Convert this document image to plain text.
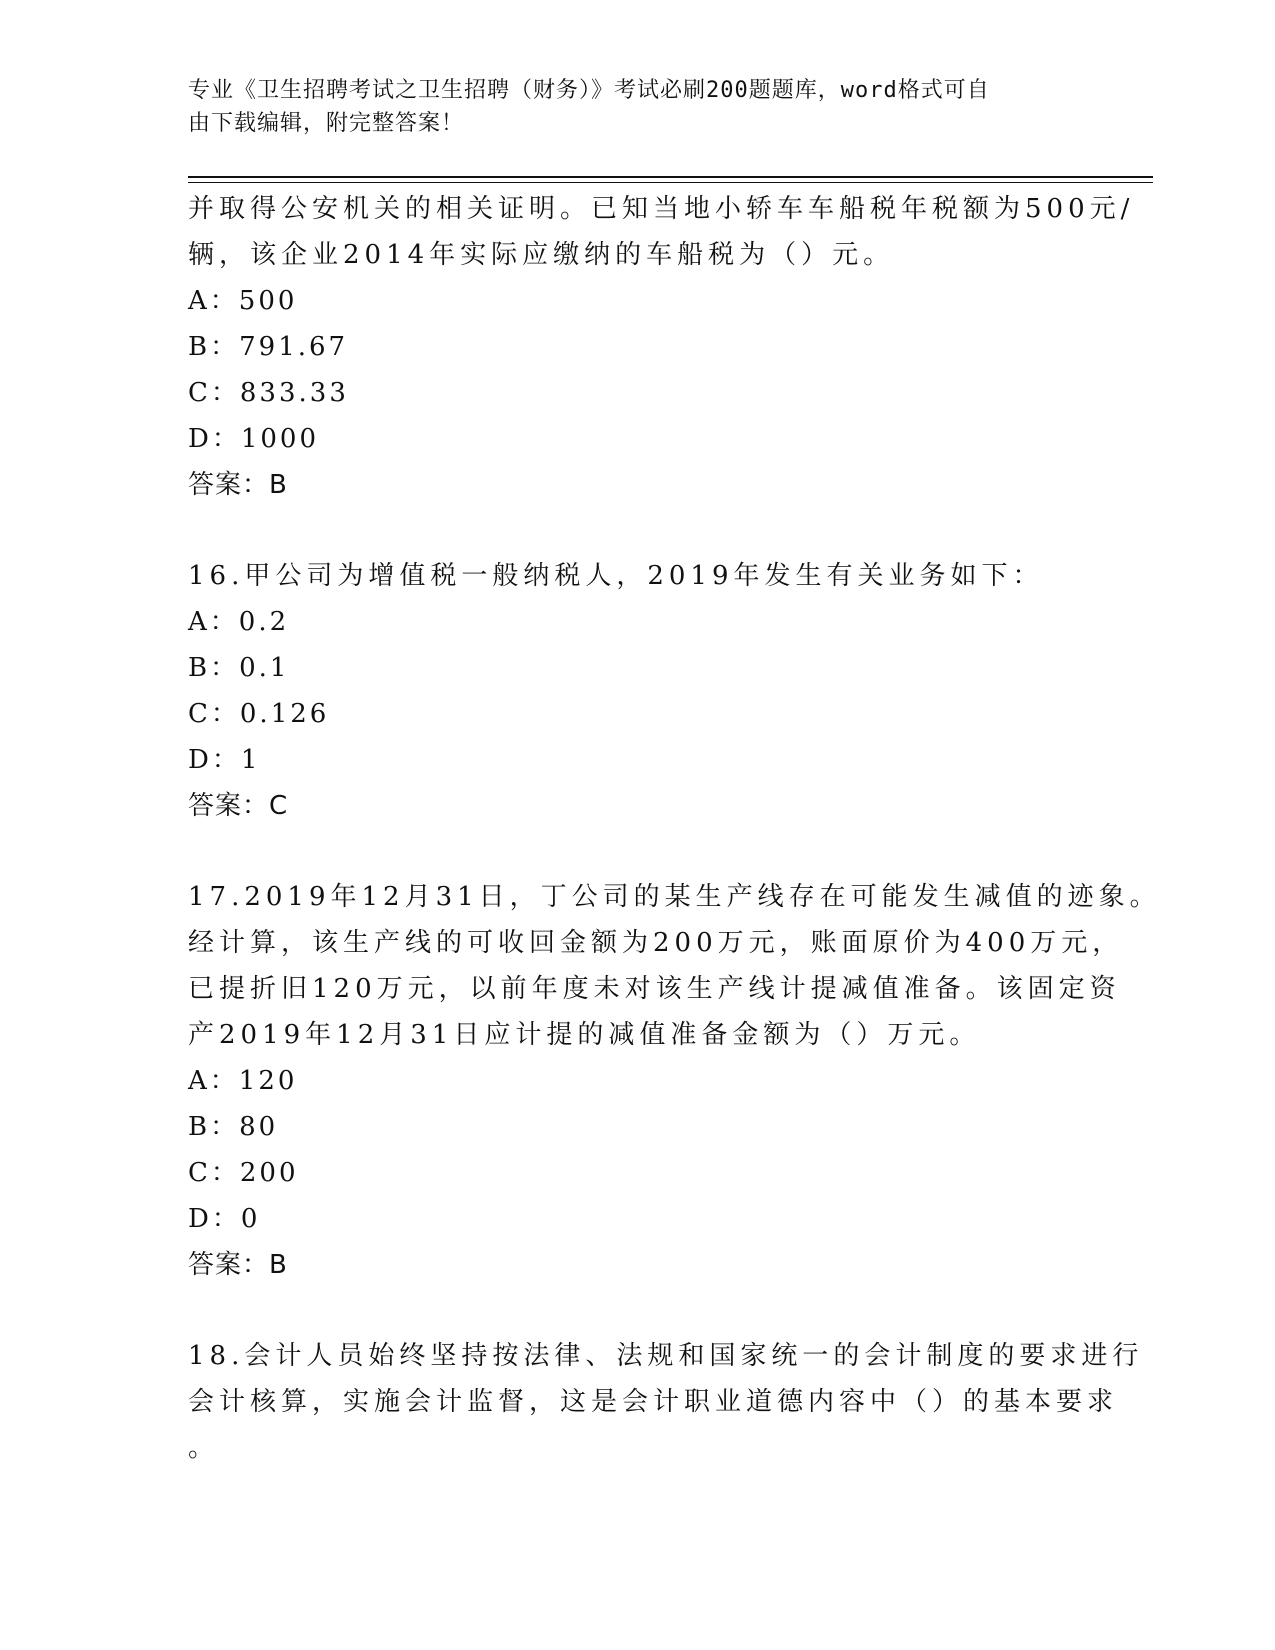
专业《卫生招聘考试之卫生招聘（财务）》考试必刷200题题库，word格式可自
由下载编辑，附完整答案！
并取得公安机关的相关证明。已知当地小轿车车船税年税额为500元/
辆，该企业2014年实际应缴纳的车船税为（）元。
A：500
B：791.67
C：833.33
D：1000
答案：B
16.甲公司为增值税一般纳税人，2019年发生有关业务如下：
A：0.2
B：0.1
C：0.126
D：1
答案：C
17.2019年12月31日，丁公司的某生产线存在可能发生减值的迹象。
经计算，该生产线的可收回金额为200万元，账面原价为400万元，
已提折旧120万元，以前年度未对该生产线计提减值准备。该固定资
产2019年12月31日应计提的减值准备金额为（）万元。
A：120
B：80
C：200
D：0
答案：B
18.会计人员始终坚持按法律、法规和国家统一的会计制度的要求进行
会计核算，实施会计监督，这是会计职业道德内容中（）的基本要求
。
